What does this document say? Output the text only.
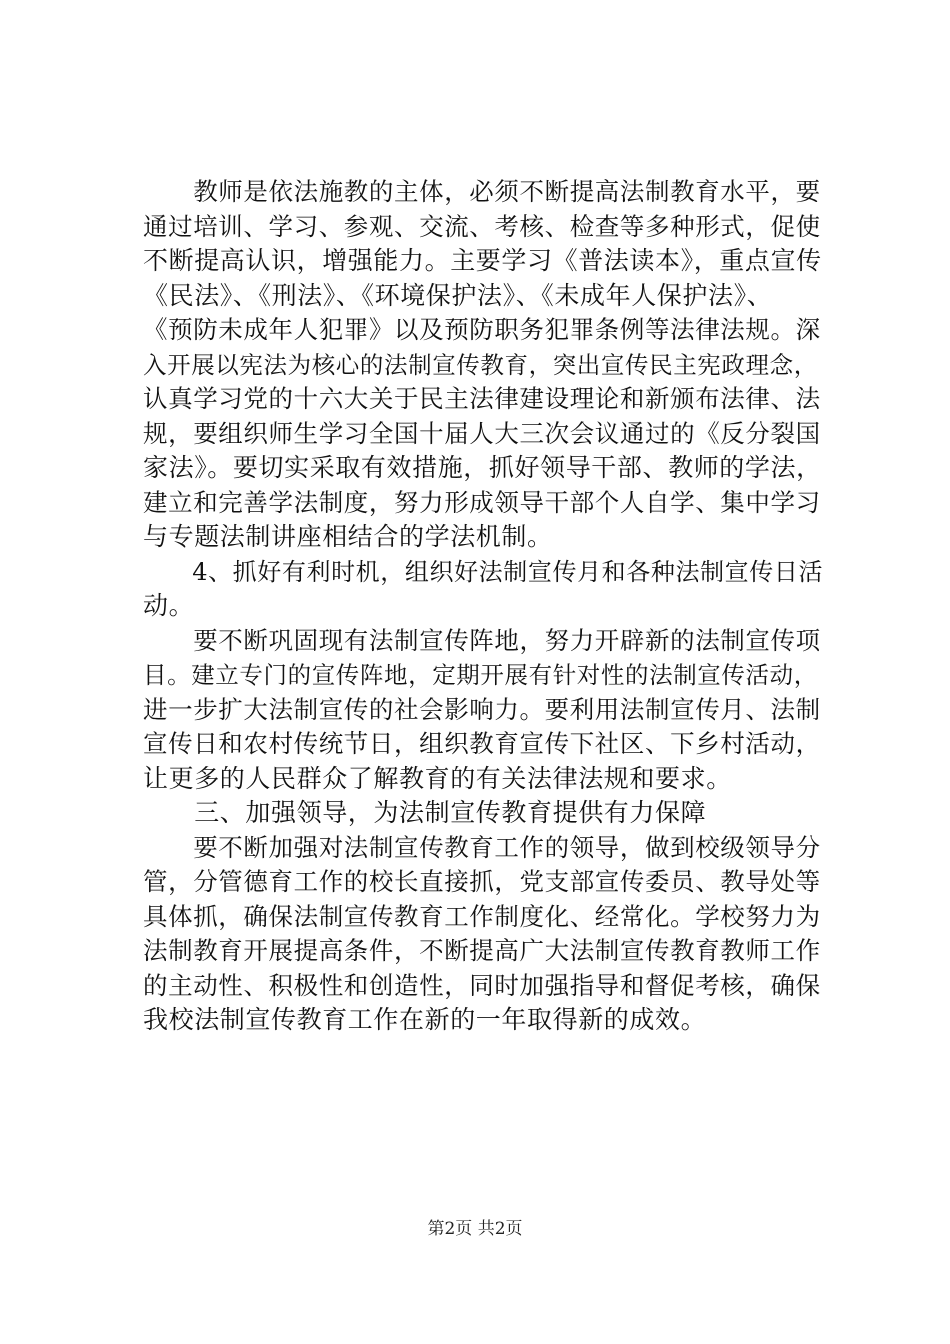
　　教师是依法施教的主体，必须不断提高法制教育水平，要
通过培训、学习、参观、交流、考核、检查等多种形式，促使
不断提高认识，增强能力。主要学习《普法读本》，重点宣传
《民法》、《刑法》、《环境保护法》、《未成年人保护法》、
《预防未成年人犯罪》以及预防职务犯罪条例等法律法规。深
入开展以宪法为核心的法制宣传教育，突出宣传民主宪政理念，
认真学习党的十六大关于民主法律建设理论和新颁布法律、法
规，要组织师生学习全国十届人大三次会议通过的《反分裂国
家法》。要切实采取有效措施，抓好领导干部、教师的学法，
建立和完善学法制度，努力形成领导干部个人自学、集中学习
与专题法制讲座相结合的学法机制。
　　4、抓好有利时机，组织好法制宣传月和各种法制宣传日活
动。
　　要不断巩固现有法制宣传阵地，努力开辟新的法制宣传项
目。建立专门的宣传阵地，定期开展有针对性的法制宣传活动，
进一步扩大法制宣传的社会影响力。要利用法制宣传月、法制
宣传日和农村传统节日，组织教育宣传下社区、下乡村活动，
让更多的人民群众了解教育的有关法律法规和要求。
　　三、加强领导，为法制宣传教育提供有力保障
　　要不断加强对法制宣传教育工作的领导，做到校级领导分
管，分管德育工作的校长直接抓，党支部宣传委员、教导处等
具体抓，确保法制宣传教育工作制度化、经常化。学校努力为
法制教育开展提高条件，不断提高广大法制宣传教育教师工作
的主动性、积极性和创造性，同时加强指导和督促考核，确保
我校法制宣传教育工作在新的一年取得新的成效。
第2页 共2页
